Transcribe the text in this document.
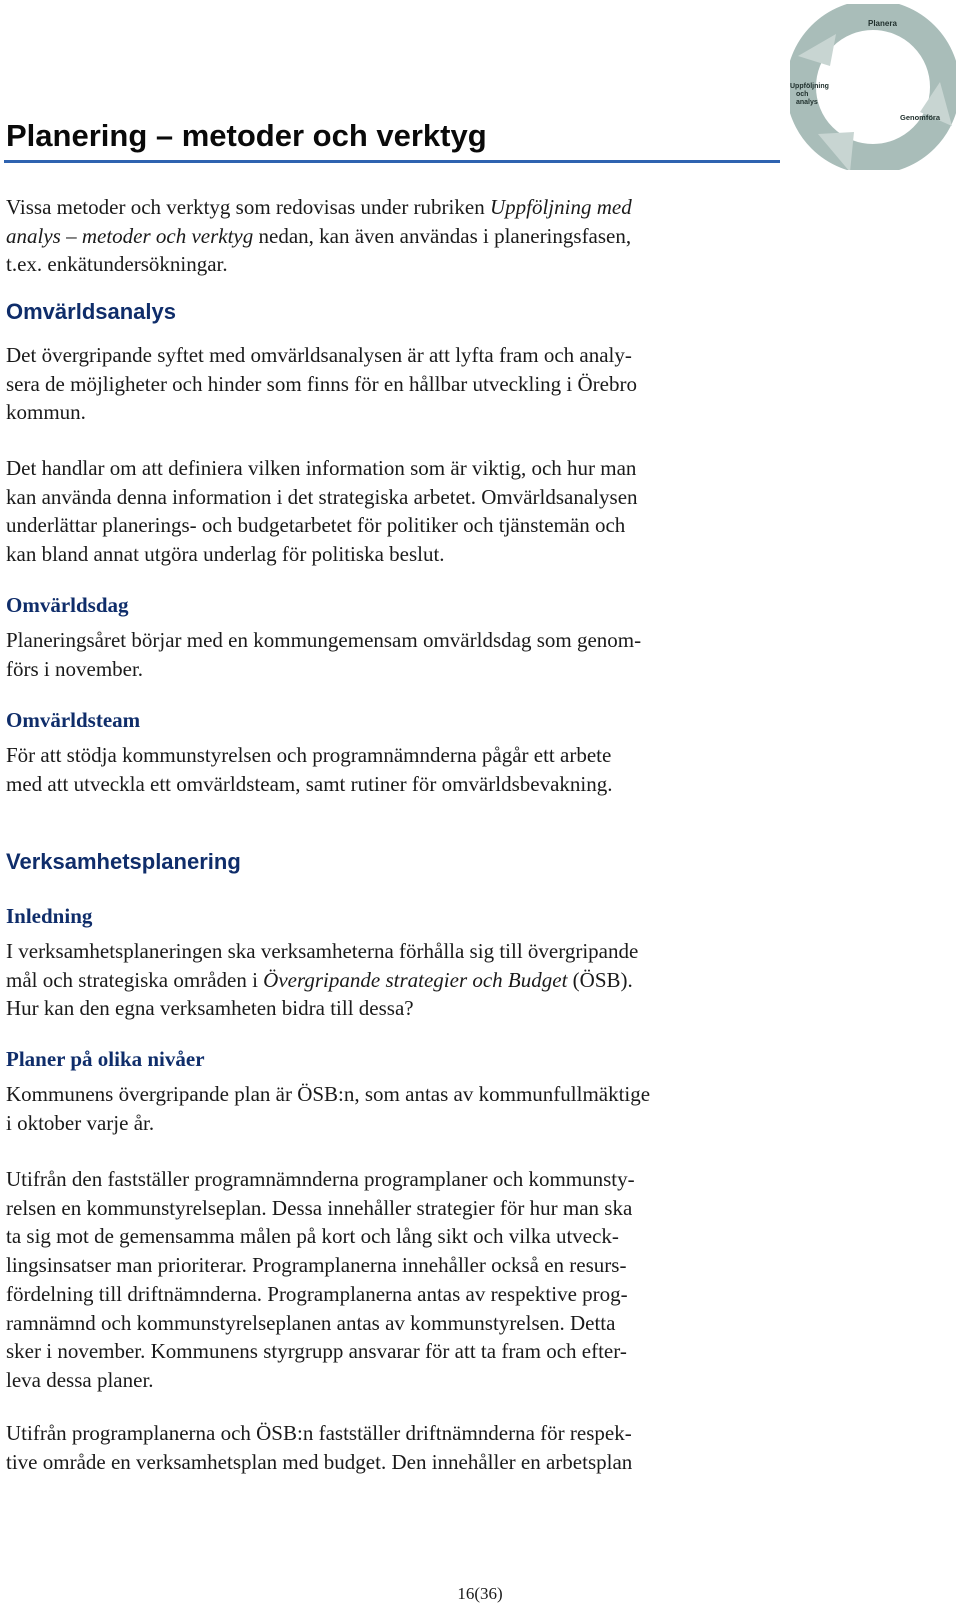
Planera
Genomföra
Uppföljning
och
analys
Planering – metoder och verktyg

Vissa metoder och verktyg som redovisas under rubriken Uppföljning med
analys – metoder och verktyg nedan, kan även användas i planeringsfasen,
t.ex. enkätundersökningar.

Omvärldsanalys

Det övergripande syftet med omvärldsanalysen är att lyfta fram och analy-
sera de möjligheter och hinder som finns för en hållbar utveckling i Örebro
kommun.

Det handlar om att definiera vilken information som är viktig, och hur man
kan använda denna information i det strategiska arbetet. Omvärldsanalysen
underlättar planerings- och budgetarbetet för politiker och tjänstemän och
kan bland annat utgöra underlag för politiska beslut.

Omvärldsdag

Planeringsåret börjar med en kommungemensam omvärldsdag som genom-
förs i november.

Omvärldsteam

För att stödja kommunstyrelsen och programnämnderna pågår ett arbete
med att utveckla ett omvärldsteam, samt rutiner för omvärldsbevakning.

Verksamhetsplanering
Inledning

I verksamhetsplaneringen ska verksamheterna förhålla sig till övergripande
mål och strategiska områden i Övergripande strategier och Budget (ÖSB).
Hur kan den egna verksamheten bidra till dessa?

Planer på olika nivåer

Kommunens övergripande plan är ÖSB:n, som antas av kommunfullmäktige
i oktober varje år.

Utifrån den fastställer programnämnderna programplaner och kommunsty-
relsen en kommunstyrelseplan. Dessa innehåller strategier för hur man ska
ta sig mot de gemensamma målen på kort och lång sikt och vilka utveck-
lingsinsatser man prioriterar. Programplanerna innehåller också en resurs-
fördelning till driftnämnderna. Programplanerna antas av respektive prog-
ramnämnd och kommunstyrelseplanen antas av kommunstyrelsen. Detta
sker i november. Kommunens styrgrupp ansvarar för att ta fram och efter-
leva dessa planer.

Utifrån programplanerna och ÖSB:n fastställer driftnämnderna för respek-
tive område en verksamhetsplan med budget. Den innehåller en arbetsplan

16(36)
